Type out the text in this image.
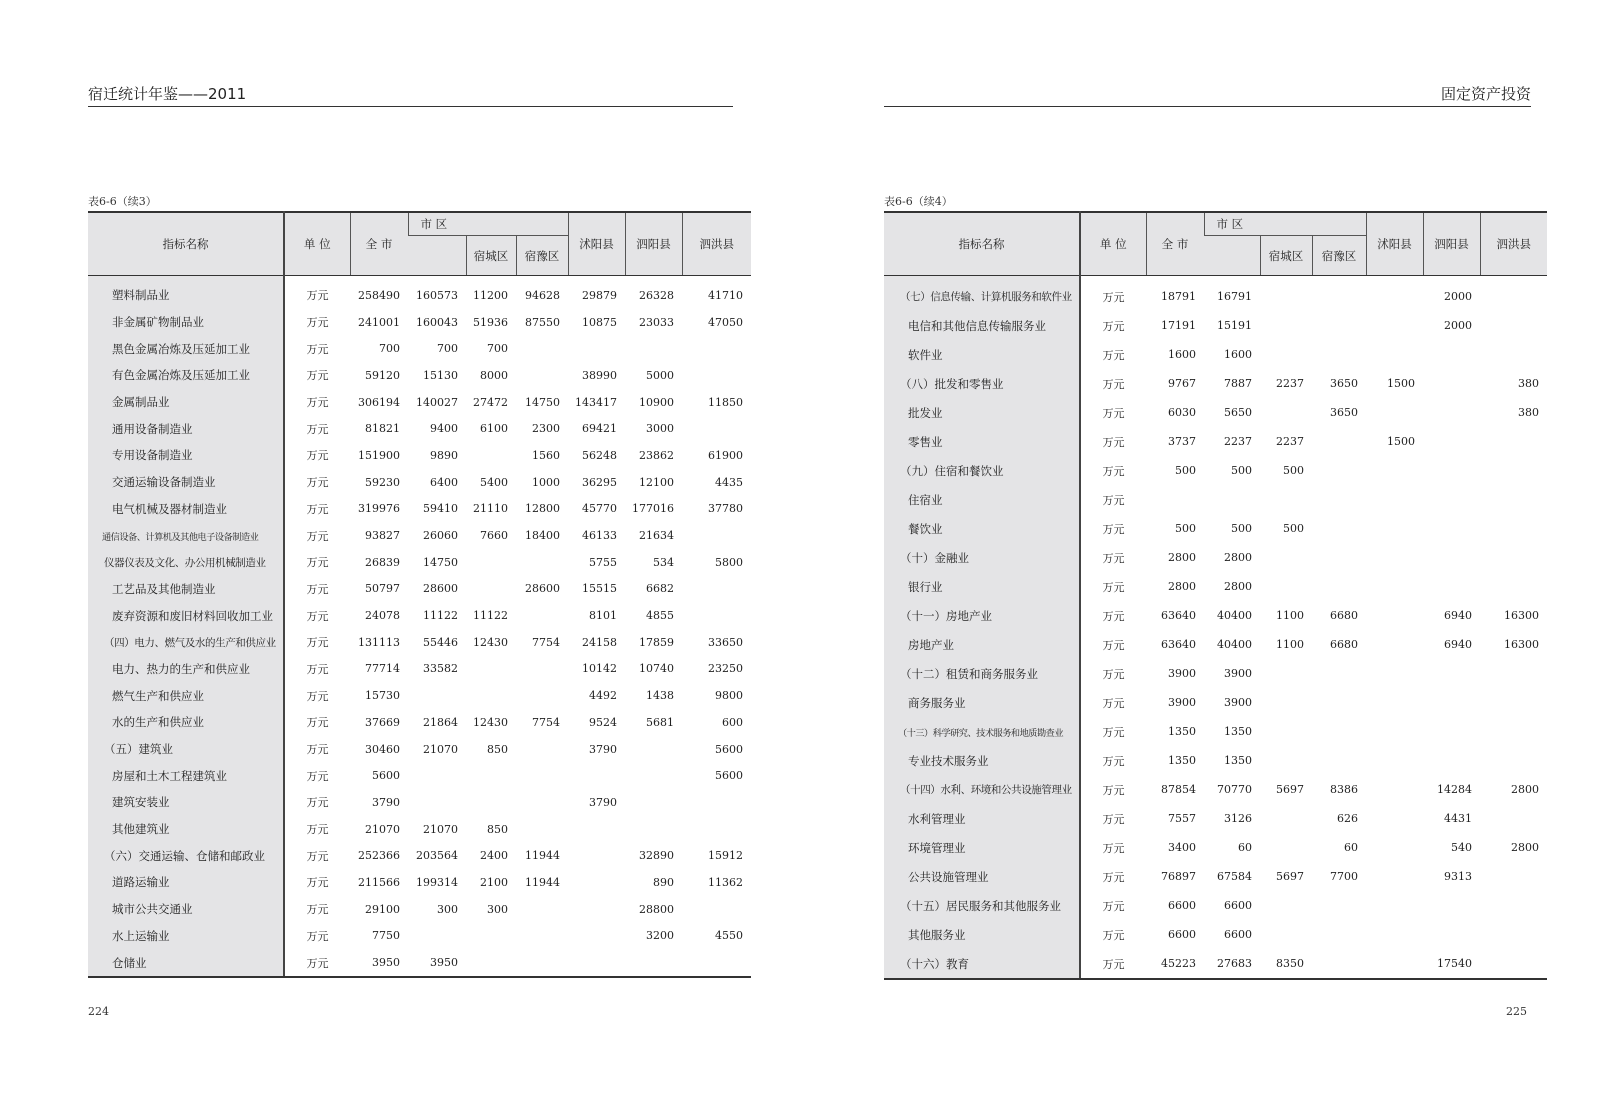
宿迁统计年鉴——2011
表6-6（续3）
指标名称	单 位	全 市	市 区			沭阳县	泗阳县	泗洪县
				宿城区	宿豫区			
塑料制品业	万元	258490	160573	11200	94628	29879	26328	41710
非金属矿物制品业	万元	241001	160043	51936	87550	10875	23033	47050
黑色金属冶炼及压延加工业	万元	700	700	700				
有色金属冶炼及压延加工业	万元	59120	15130	8000		38990	5000	
金属制品业	万元	306194	140027	27472	14750	143417	10900	11850
通用设备制造业	万元	81821	9400	6100	2300	69421	3000	
专用设备制造业	万元	151900	9890		1560	56248	23862	61900
交通运输设备制造业	万元	59230	6400	5400	1000	36295	12100	4435
电气机械及器材制造业	万元	319976	59410	21110	12800	45770	177016	37780
通信设备、计算机及其他电子设备制造业	万元	93827	26060	7660	18400	46133	21634	
仪器仪表及文化、办公用机械制造业	万元	26839	14750			5755	534	5800
工艺品及其他制造业	万元	50797	28600		28600	15515	6682	
废弃资源和废旧材料回收加工业	万元	24078	11122	11122		8101	4855	
（四）电力、燃气及水的生产和供应业	万元	131113	55446	12430	7754	24158	17859	33650
电力、热力的生产和供应业	万元	77714	33582			10142	10740	23250
燃气生产和供应业	万元	15730				4492	1438	9800
水的生产和供应业	万元	37669	21864	12430	7754	9524	5681	600
（五）建筑业	万元	30460	21070	850		3790		5600
房屋和土木工程建筑业	万元	5600						5600
建筑安装业	万元	3790				3790		
其他建筑业	万元	21070	21070	850				
（六）交通运输、仓储和邮政业	万元	252366	203564	2400	11944		32890	15912
道路运输业	万元	211566	199314	2100	11944		890	11362
城市公共交通业	万元	29100	300	300			28800	
水上运输业	万元	7750					3200	4550
仓储业	万元	3950	3950					
224
固定资产投资
表6-6（续4）
指标名称	单 位	全 市	市 区			沭阳县	泗阳县	泗洪县
				宿城区	宿豫区			
（七）信息传输、计算机服务和软件业	万元	18791	16791				2000	
电信和其他信息传输服务业	万元	17191	15191				2000	
软件业	万元	1600	1600					
（八）批发和零售业	万元	9767	7887	2237	3650	1500		380
批发业	万元	6030	5650		3650			380
零售业	万元	3737	2237	2237		1500		
（九）住宿和餐饮业	万元	500	500	500				
住宿业	万元							
餐饮业	万元	500	500	500				
（十）金融业	万元	2800	2800					
银行业	万元	2800	2800					
（十一）房地产业	万元	63640	40400	1100	6680		6940	16300
房地产业	万元	63640	40400	1100	6680		6940	16300
（十二）租赁和商务服务业	万元	3900	3900					
商务服务业	万元	3900	3900					
（十三）科学研究、技术服务和地质勘查业	万元	1350	1350					
专业技术服务业	万元	1350	1350					
（十四）水利、环境和公共设施管理业	万元	87854	70770	5697	8386		14284	2800
水利管理业	万元	7557	3126		626		4431	
环境管理业	万元	3400	60		60		540	2800
公共设施管理业	万元	76897	67584	5697	7700		9313	
（十五）居民服务和其他服务业	万元	6600	6600					
其他服务业	万元	6600	6600					
（十六）教育	万元	45223	27683	8350			17540	
225
